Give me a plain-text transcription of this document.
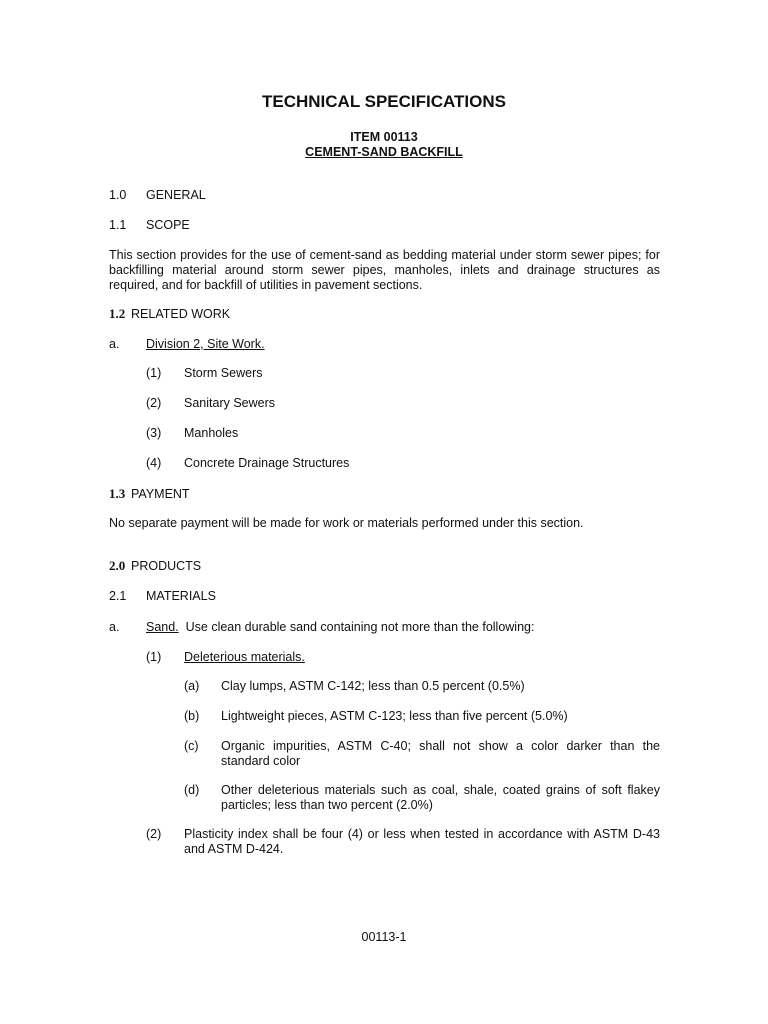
TECHNICAL SPECIFICATIONS
ITEM 00113
CEMENT-SAND BACKFILL
1.0 GENERAL
1.1 SCOPE
This section provides for the use of cement-sand as bedding material under storm sewer pipes; for backfilling material around storm sewer pipes, manholes, inlets and drainage structures as required, and for backfill of utilities in pavement sections.
1.2 RELATED WORK
a. Division 2, Site Work.
(1) Storm Sewers
(2) Sanitary Sewers
(3) Manholes
(4) Concrete Drainage Structures
1.3 PAYMENT
No separate payment will be made for work or materials performed under this section.
2.0 PRODUCTS
2.1 MATERIALS
a. Sand. Use clean durable sand containing not more than the following:
(1) Deleterious materials.
(a) Clay lumps, ASTM C-142; less than 0.5 percent (0.5%)
(b) Lightweight pieces, ASTM C-123; less than five percent (5.0%)
(c) Organic impurities, ASTM C-40; shall not show a color darker than the standard color
(d) Other deleterious materials such as coal, shale, coated grains of soft flakey particles; less than two percent (2.0%)
(2) Plasticity index shall be four (4) or less when tested in accordance with ASTM D-43 and ASTM D-424.
00113-1
